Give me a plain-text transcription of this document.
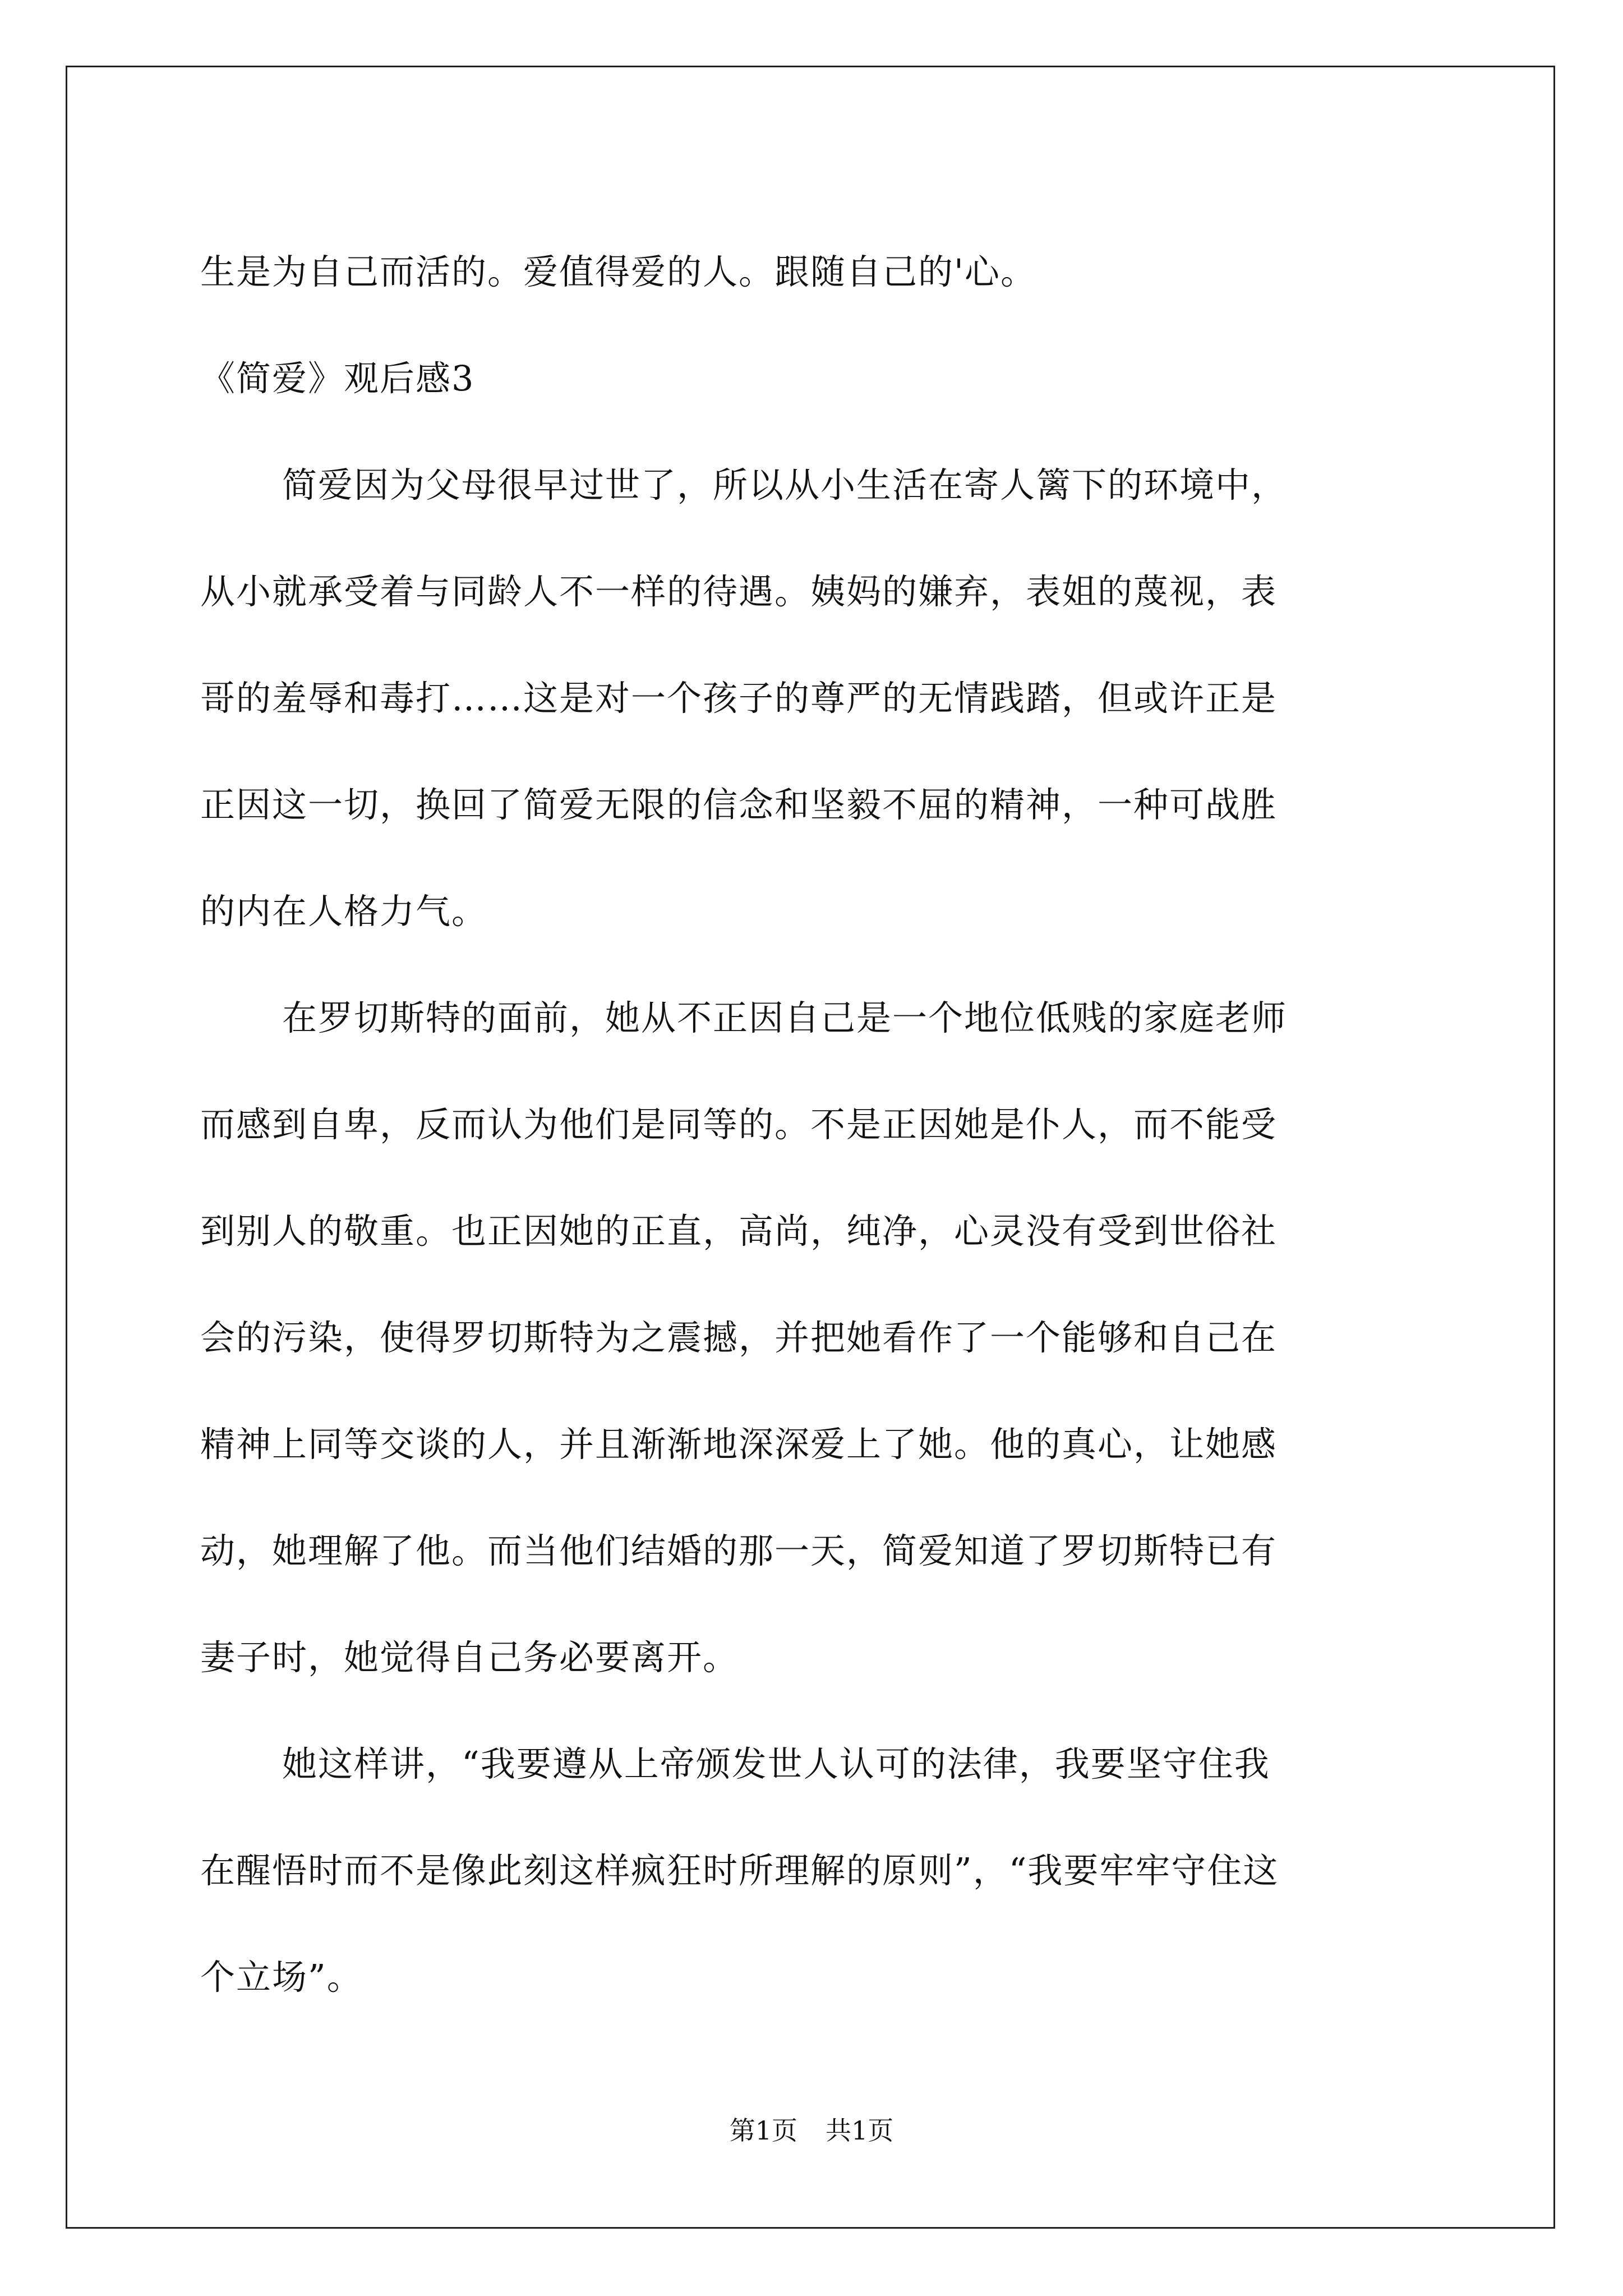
生是为自己而活的。爱值得爱的人。跟随自己的'心。
《简爱》观后感3
简爱因为父母很早过世了，所以从小生活在寄人篱下的环境中，
从小就承受着与同龄人不一样的待遇。姨妈的嫌弃，表姐的蔑视，表
哥的羞辱和毒打……这是对一个孩子的尊严的无情践踏，但或许正是
正因这一切，换回了简爱无限的信念和坚毅不屈的精神，一种可战胜
的内在人格力气。
在罗切斯特的面前，她从不正因自己是一个地位低贱的家庭老师
而感到自卑，反而认为他们是同等的。不是正因她是仆人，而不能受
到别人的敬重。也正因她的正直，高尚，纯净，心灵没有受到世俗社
会的污染，使得罗切斯特为之震撼，并把她看作了一个能够和自己在
精神上同等交谈的人，并且渐渐地深深爱上了她。他的真心，让她感
动，她理解了他。而当他们结婚的那一天，简爱知道了罗切斯特已有
妻子时，她觉得自己务必要离开。
她这样讲，“我要遵从上帝颁发世人认可的法律，我要坚守住我
在醒悟时而不是像此刻这样疯狂时所理解的原则”，“我要牢牢守住这
个立场”。
第1页 共1页
